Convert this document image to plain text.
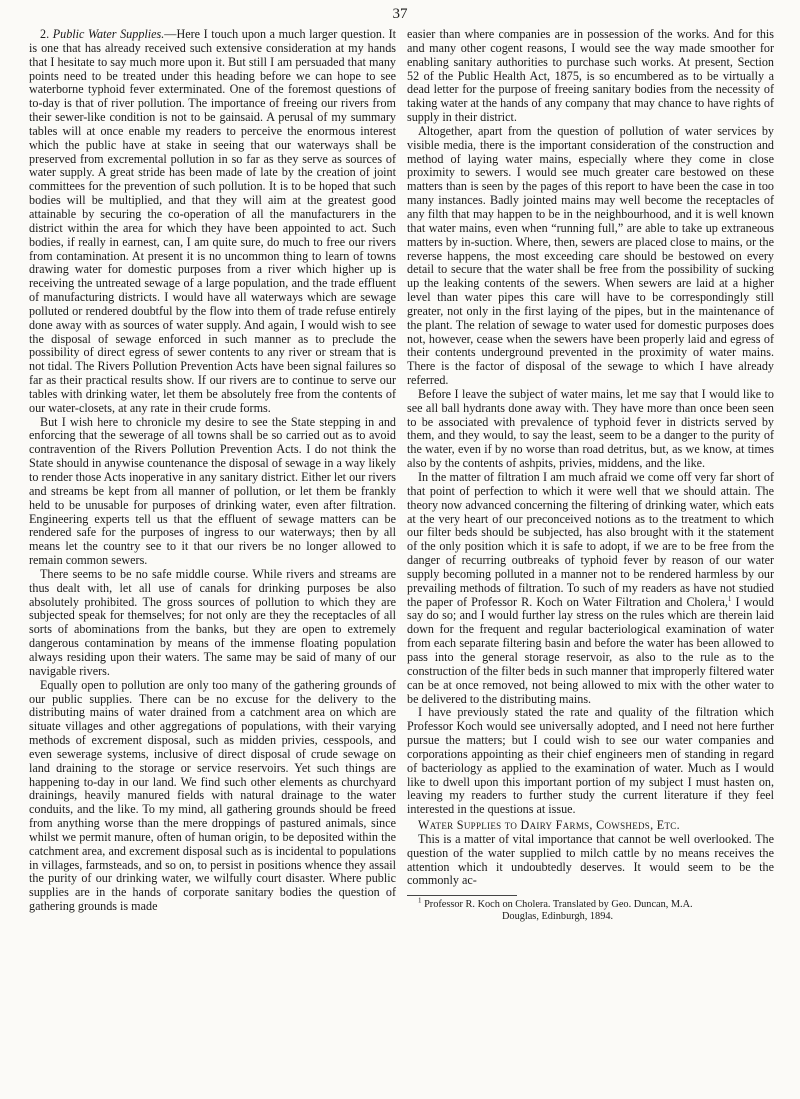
37

2. Public Water Supplies.—Here I touch upon a much larger question. It is one that has already received such extensive consideration at my hands that I hesitate to say much more upon it. But still I am persuaded that many points need to be treated under this heading before we can hope to see waterborne typhoid fever exterminated. One of the foremost questions of to-day is that of river pollution. The importance of freeing our rivers from their sewer-like condition is not to be gainsaid. A perusal of my summary tables will at once enable my readers to perceive the enormous interest which the public have at stake in seeing that our waterways shall be preserved from excremental pollution in so far as they serve as sources of water supply. A great stride has been made of late by the creation of joint committees for the prevention of such pollution. It is to be hoped that such bodies will be multiplied, and that they will aim at the greatest good attainable by securing the co-operation of all the manufacturers in the district within the area for which they have been appointed to act. Such bodies, if really in earnest, can, I am quite sure, do much to free our rivers from contamination. At present it is no uncommon thing to learn of towns drawing water for domestic purposes from a river which higher up is receiving the untreated sewage of a large population, and the trade effluent of manufacturing districts. I would have all waterways which are sewage polluted or rendered doubtful by the flow into them of trade refuse entirely done away with as sources of water supply. And again, I would wish to see the disposal of sewage enforced in such manner as to preclude the possibility of direct egress of sewer contents to any river or stream that is not tidal. The Rivers Pollution Prevention Acts have been signal failures so far as their practical results show. If our rivers are to continue to serve our tables with drinking water, let them be absolutely free from the contents of our water-closets, at any rate in their crude forms.

But I wish here to chronicle my desire to see the State stepping in and enforcing that the sewerage of all towns shall be so carried out as to avoid contravention of the Rivers Pollution Prevention Acts. I do not think the State should in anywise countenance the disposal of sewage in a way likely to render those Acts inoperative in any sanitary district. Either let our rivers and streams be kept from all manner of pollution, or let them be frankly held to be unusable for purposes of drinking water, even after filtration. Engineering experts tell us that the effluent of sewage matters can be rendered safe for the purposes of ingress to our waterways; then by all means let the country see to it that our rivers be no longer allowed to remain common sewers.

There seems to be no safe middle course. While rivers and streams are thus dealt with, let all use of canals for drinking purposes be also absolutely prohibited. The gross sources of pollution to which they are subjected speak for themselves; for not only are they the receptacles of all sorts of abominations from the banks, but they are open to extremely dangerous contamination by means of the immense floating population always residing upon their waters. The same may be said of many of our navigable rivers.

Equally open to pollution are only too many of the gathering grounds of our public supplies. There can be no excuse for the delivery to the distributing mains of water drained from a catchment area on which are situate villages and other aggregations of populations, with their varying methods of excrement disposal, such as midden privies, cesspools, and even sewerage systems, inclusive of direct disposal of crude sewage on land draining to the storage or service reservoirs. Yet such things are happening to-day in our land. We find such other elements as churchyard drainings, heavily manured fields with natural drainage to the water conduits, and the like. To my mind, all gathering grounds should be freed from anything worse than the mere droppings of pastured animals, since whilst we permit manure, often of human origin, to be deposited within the catchment area, and excrement disposal such as is incidental to populations in villages, farmsteads, and so on, to persist in positions whence they assail the purity of our drinking water, we wilfully court disaster. Where public supplies are in the hands of corporate sanitary bodies the question of gathering grounds is made

easier than where companies are in possession of the works. And for this and many other cogent reasons, I would see the way made smoother for enabling sanitary authorities to purchase such works. At present, Section 52 of the Public Health Act, 1875, is so encumbered as to be virtually a dead letter for the purpose of freeing sanitary bodies from the necessity of taking water at the hands of any company that may chance to have rights of supply in their district.

Altogether, apart from the question of pollution of water services by visible media, there is the important consideration of the construction and method of laying water mains, especially where they come in close proximity to sewers. I would see much greater care bestowed on these matters than is seen by the pages of this report to have been the case in too many instances. Badly jointed mains may well become the receptacles of any filth that may happen to be in the neighbourhood, and it is well known that water mains, even when “running full,” are able to take up extraneous matters by in-suction. Where, then, sewers are placed close to mains, or the reverse happens, the most exceeding care should be bestowed on every detail to secure that the water shall be free from the possibility of sucking up the leaking contents of the sewers. When sewers are laid at a higher level than water pipes this care will have to be correspondingly still greater, not only in the first laying of the pipes, but in the maintenance of the plant. The relation of sewage to water used for domestic purposes does not, however, cease when the sewers have been properly laid and egress of their contents underground prevented in the proximity of water mains. There is the factor of disposal of the sewage to which I have already referred.

Before I leave the subject of water mains, let me say that I would like to see all ball hydrants done away with. They have more than once been seen to be associated with prevalence of typhoid fever in districts served by them, and they would, to say the least, seem to be a danger to the purity of the water, even if by no worse than road detritus, but, as we know, at times also by the contents of ashpits, privies, middens, and the like.

In the matter of filtration I am much afraid we come off very far short of that point of perfection to which it were well that we should attain. The theory now advanced concerning the filtering of drinking water, which eats at the very heart of our preconceived notions as to the treatment to which our filter beds should be subjected, has also brought with it the statement of the only position which it is safe to adopt, if we are to be free from the danger of recurring outbreaks of typhoid fever by reason of our water supply becoming polluted in a manner not to be rendered harmless by our prevailing methods of filtration. To such of my readers as have not studied the paper of Professor R. Koch on Water Filtration and Cholera,$^1$ I would say do so; and I would further lay stress on the rules which are therein laid down for the frequent and regular bacteriological examination of water from each separate filtering basin and before the water has been allowed to pass into the general storage reservoir, as also to the rule as to the construction of the filter beds in such manner that improperly filtered water can be at once removed, not being allowed to mix with the other water to be delivered to the distributing mains.

I have previously stated the rate and quality of the filtration which Professor Koch would see universally adopted, and I need not here further pursue the matters; but I could wish to see our water companies and corporations appointing as their chief engineers men of standing in regard of bacteriology as applied to the examination of water. Much as I would like to dwell upon this important portion of my subject I must hasten on, leaving my readers to further study the current literature if they feel interested in the questions at issue.

Water Supplies to Dairy Farms, Cowsheds, Etc.

This is a matter of vital importance that cannot be well overlooked. The question of the water supplied to milch cattle by no means receives the attention which it undoubtedly deserves. It would seem to be the commonly ac-

$^1$ Professor R. Koch on Cholera. Translated by Geo. Duncan, M.A.
Douglas, Edinburgh, 1894.
